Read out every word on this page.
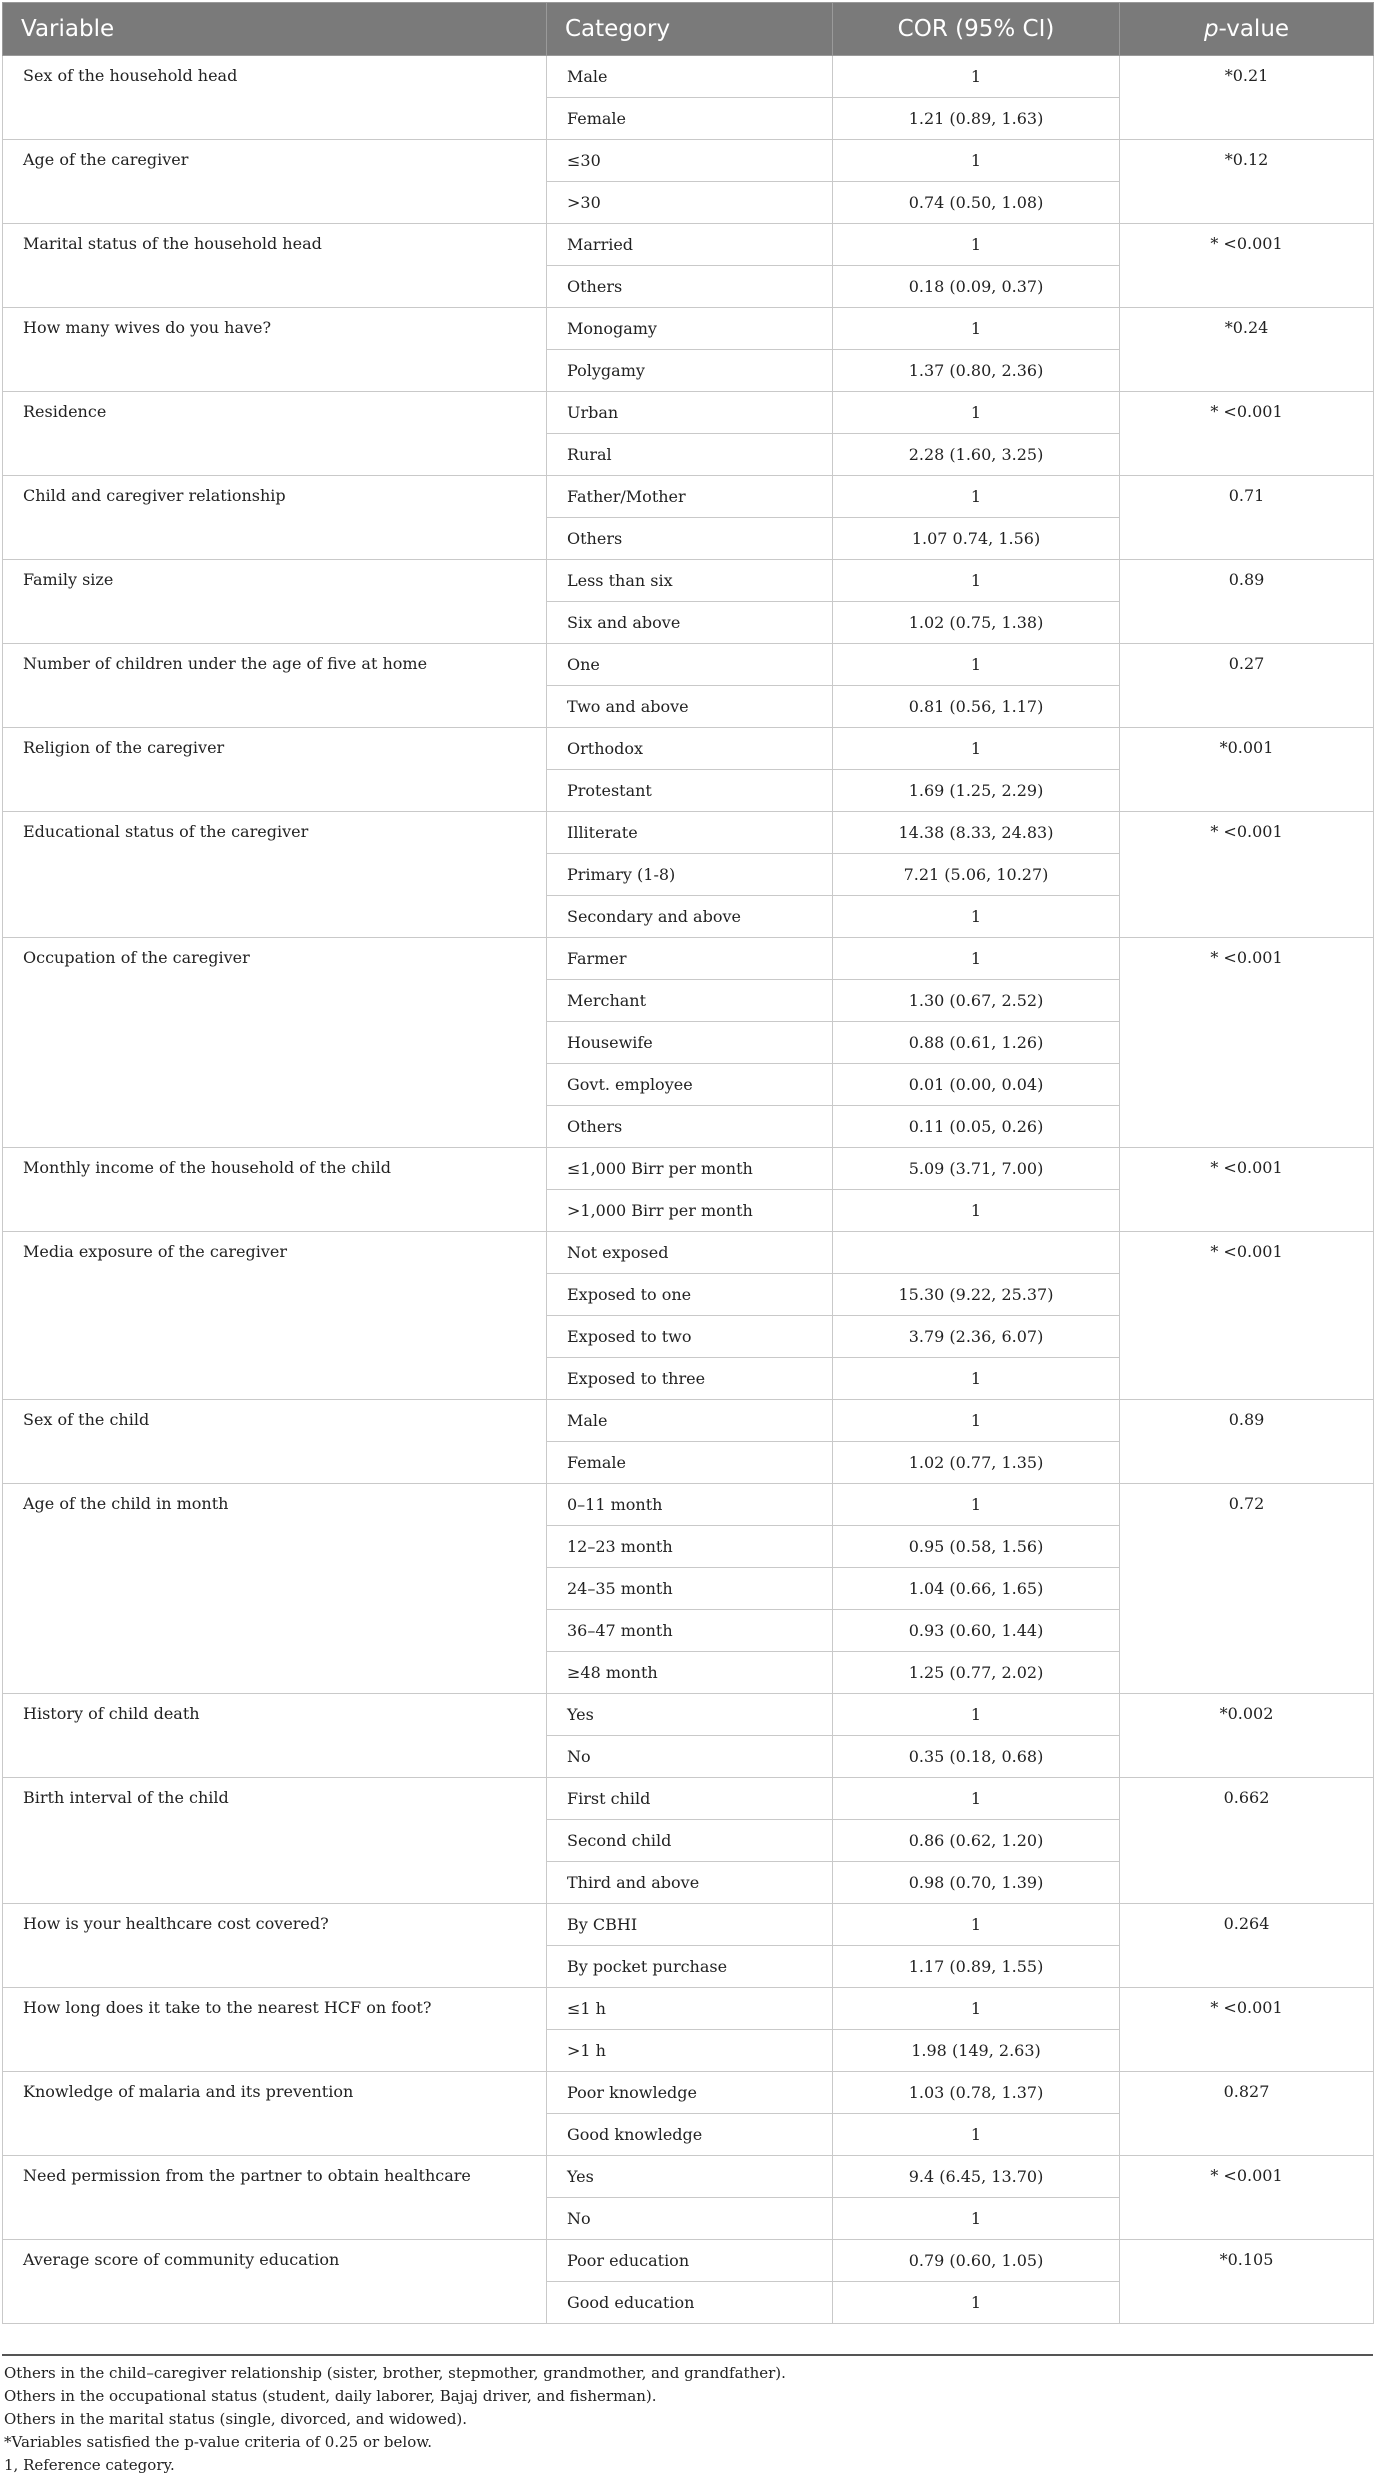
Variable	Category	COR (95% CI)	p-value
Sex of the household head	Male	1	*0.21
	Female	1.21 (0.89, 1.63)	
Age of the caregiver	≤30	1	*0.12
	>30	0.74 (0.50, 1.08)	
Marital status of the household head	Married	1	* <0.001
	Others	0.18 (0.09, 0.37)	
How many wives do you have?	Monogamy	1	*0.24
	Polygamy	1.37 (0.80, 2.36)	
Residence	Urban	1	* <0.001
	Rural	2.28 (1.60, 3.25)	
Child and caregiver relationship	Father/Mother	1	0.71
	Others	1.07 0.74, 1.56)	
Family size	Less than six	1	0.89
	Six and above	1.02 (0.75, 1.38)	
Number of children under the age of five at home	One	1	0.27
	Two and above	0.81 (0.56, 1.17)	
Religion of the caregiver	Orthodox	1	*0.001
	Protestant	1.69 (1.25, 2.29)	
Educational status of the caregiver	Illiterate	14.38 (8.33, 24.83)	* <0.001
	Primary (1-8)	7.21 (5.06, 10.27)	
	Secondary and above	1	
Occupation of the caregiver	Farmer	1	* <0.001
	Merchant	1.30 (0.67, 2.52)	
	Housewife	0.88 (0.61, 1.26)	
	Govt. employee	0.01 (0.00, 0.04)	
	Others	0.11 (0.05, 0.26)	
Monthly income of the household of the child	≤1,000 Birr per month	5.09 (3.71, 7.00)	* <0.001
	>1,000 Birr per month	1	
Media exposure of the caregiver	Not exposed		* <0.001
	Exposed to one	15.30 (9.22, 25.37)	
	Exposed to two	3.79 (2.36, 6.07)	
	Exposed to three	1	
Sex of the child	Male	1	0.89
	Female	1.02 (0.77, 1.35)	
Age of the child in month	0–11 month	1	0.72
	12–23 month	0.95 (0.58, 1.56)	
	24–35 month	1.04 (0.66, 1.65)	
	36–47 month	0.93 (0.60, 1.44)	
	≥48 month	1.25 (0.77, 2.02)	
History of child death	Yes	1	*0.002
	No	0.35 (0.18, 0.68)	
Birth interval of the child	First child	1	0.662
	Second child	0.86 (0.62, 1.20)	
	Third and above	0.98 (0.70, 1.39)	
How is your healthcare cost covered?	By CBHI	1	0.264
	By pocket purchase	1.17 (0.89, 1.55)	
How long does it take to the nearest HCF on foot?	≤1 h	1	* <0.001
	>1 h	1.98 (149, 2.63)	
Knowledge of malaria and its prevention	Poor knowledge	1.03 (0.78, 1.37)	0.827
	Good knowledge	1	
Need permission from the partner to obtain healthcare	Yes	9.4 (6.45, 13.70)	* <0.001
	No	1	
Average score of community education	Poor education	0.79 (0.60, 1.05)	*0.105
	Good education	1	
Others in the child–caregiver relationship (sister, brother, stepmother, grandmother, and grandfather).
Others in the occupational status (student, daily laborer, Bajaj driver, and fisherman).
Others in the marital status (single, divorced, and widowed).
*Variables satisfied the p-value criteria of 0.25 or below.
1, Reference category.
